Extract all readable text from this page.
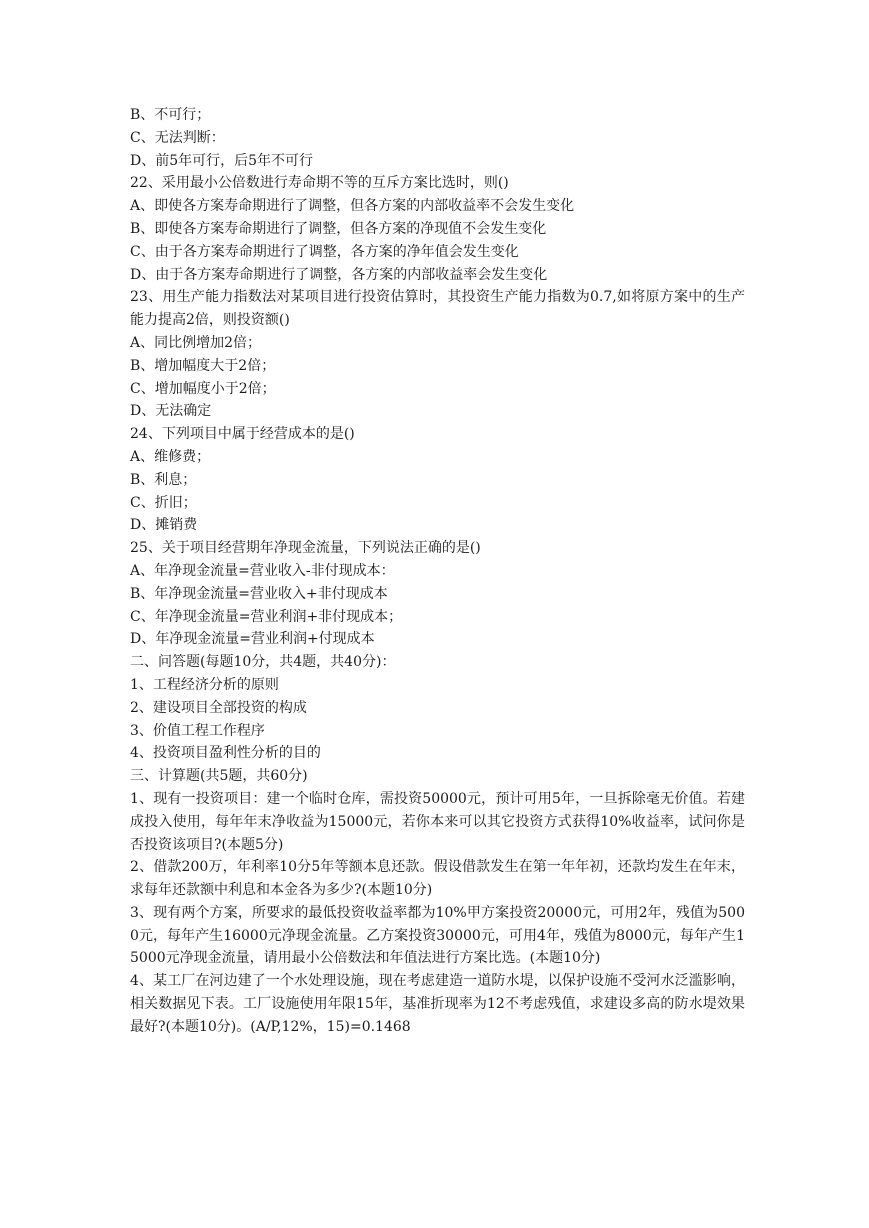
B、不可行；
C、无法判断：
D、前5年可行，后5年不可行
22、采用最小公倍数进行寿命期不等的互斥方案比选时，则()
A、即使各方案寿命期进行了调整，但各方案的内部收益率不会发生变化
B、即使各方案寿命期进行了调整，但各方案的净现值不会发生变化
C、由于各方案寿命期进行了调整，各方案的净年值会发生变化
D、由于各方案寿命期进行了调整，各方案的内部收益率会发生变化
23、用生产能力指数法对某项目进行投资估算时，其投资生产能力指数为0.7,如将原方案中的生产能力提高2倍，则投资额()
A、同比例增加2倍；
B、增加幅度大于2倍；
C、增加幅度小于2倍；
D、无法确定
24、下列项目中属于经营成本的是()
A、维修费；
B、利息；
C、折旧；
D、摊销费
25、关于项目经营期年净现金流量，下列说法正确的是()
A、年净现金流量=营业收入-非付现成本：
B、年净现金流量=营业收入+非付现成本
C、年净现金流量=营业利润+非付现成本；
D、年净现金流量=营业利润+付现成本
二、问答题(每题10分，共4题，共40分)：
1、工程经济分析的原则
2、建设项目全部投资的构成
3、价值工程工作程序
4、投资项目盈利性分析的目的
三、计算题(共5题，共60分)
1、现有一投资项目：建一个临时仓库，需投资50000元，预计可用5年，一旦拆除毫无价值。若建成投入使用，每年年末净收益为15000元，若你本来可以其它投资方式获得10%收益率，试问你是否投资该项目?(本题5分)
2、借款200万，年利率10分5年等额本息还款。假设借款发生在第一年年初，还款均发生在年末，求每年还款额中利息和本金各为多少?(本题10分)
3、现有两个方案，所要求的最低投资收益率都为10%甲方案投资20000元，可用2年，残值为5000元，每年产生16000元净现金流量。乙方案投资30000元，可用4年，残值为8000元，每年产生15000元净现金流量，请用最小公倍数法和年值法进行方案比选。(本题10分)
4、某工厂在河边建了一个水处理设施，现在考虑建造一道防水堤，以保护设施不受河水泛滥影响，相关数据见下表。工厂设施使用年限15年，基准折现率为12不考虑残值，求建设多高的防水堤效果最好?(本题10分)。(A/P,12%，15)=0.1468
